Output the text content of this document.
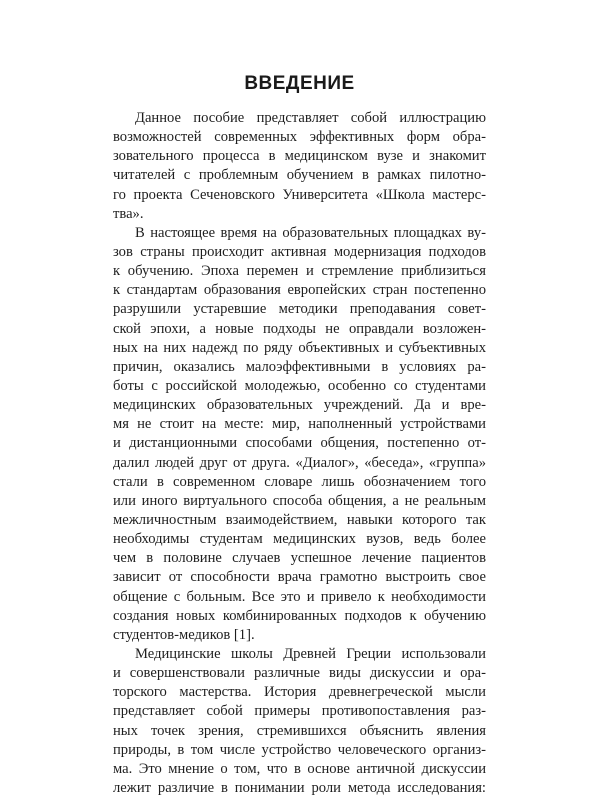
ВВЕДЕНИЕ

Данное пособие представляет собой иллюстрацию
возможностей современных эффективных форм обра-
зовательного процесса в медицинском вузе и знакомит
читателей с проблемным обучением в рамках пилотно-
го проекта Сеченовского Университета «Школа мастерс-
тва».

В настоящее время на образовательных площадках ву-
зов страны происходит активная модернизация подходов
к обучению. Эпоха перемен и стремление приблизиться
к стандартам образования европейских стран постепенно
разрушили устаревшие методики преподавания совет-
ской эпохи, а новые подходы не оправдали возложен-
ных на них надежд по ряду объективных и субъективных
причин, оказались малоэффективными в условиях ра-
боты с российской молодежью, особенно со студентами
медицинских образовательных учреждений. Да и вре-
мя не стоит на месте: мир, наполненный устройствами
и дистанционными способами общения, постепенно от-
далил людей друг от друга. «Диалог», «беседа», «группа»
стали в современном словаре лишь обозначением того
или иного виртуального способа общения, а не реальным
межличностным взаимодействием, навыки которого так
необходимы студентам медицинских вузов, ведь более
чем в половине случаев успешное лечение пациентов
зависит от способности врача грамотно выстроить свое
общение с больным. Все это и привело к необходимости
создания новых комбинированных подходов к обучению
студентов-медиков [1].

Медицинские школы Древней Греции использовали
и совершенствовали различные виды дискуссии и ора-
торского мастерства. История древнегреческой мысли
представляет собой примеры противопоставления раз-
ных точек зрения, стремившихся объяснить явления
природы, в том числе устройство человеческого организ-
ма. Это мнение о том, что в основе античной дискуссии
лежит различие в понимании роли метода исследования:
